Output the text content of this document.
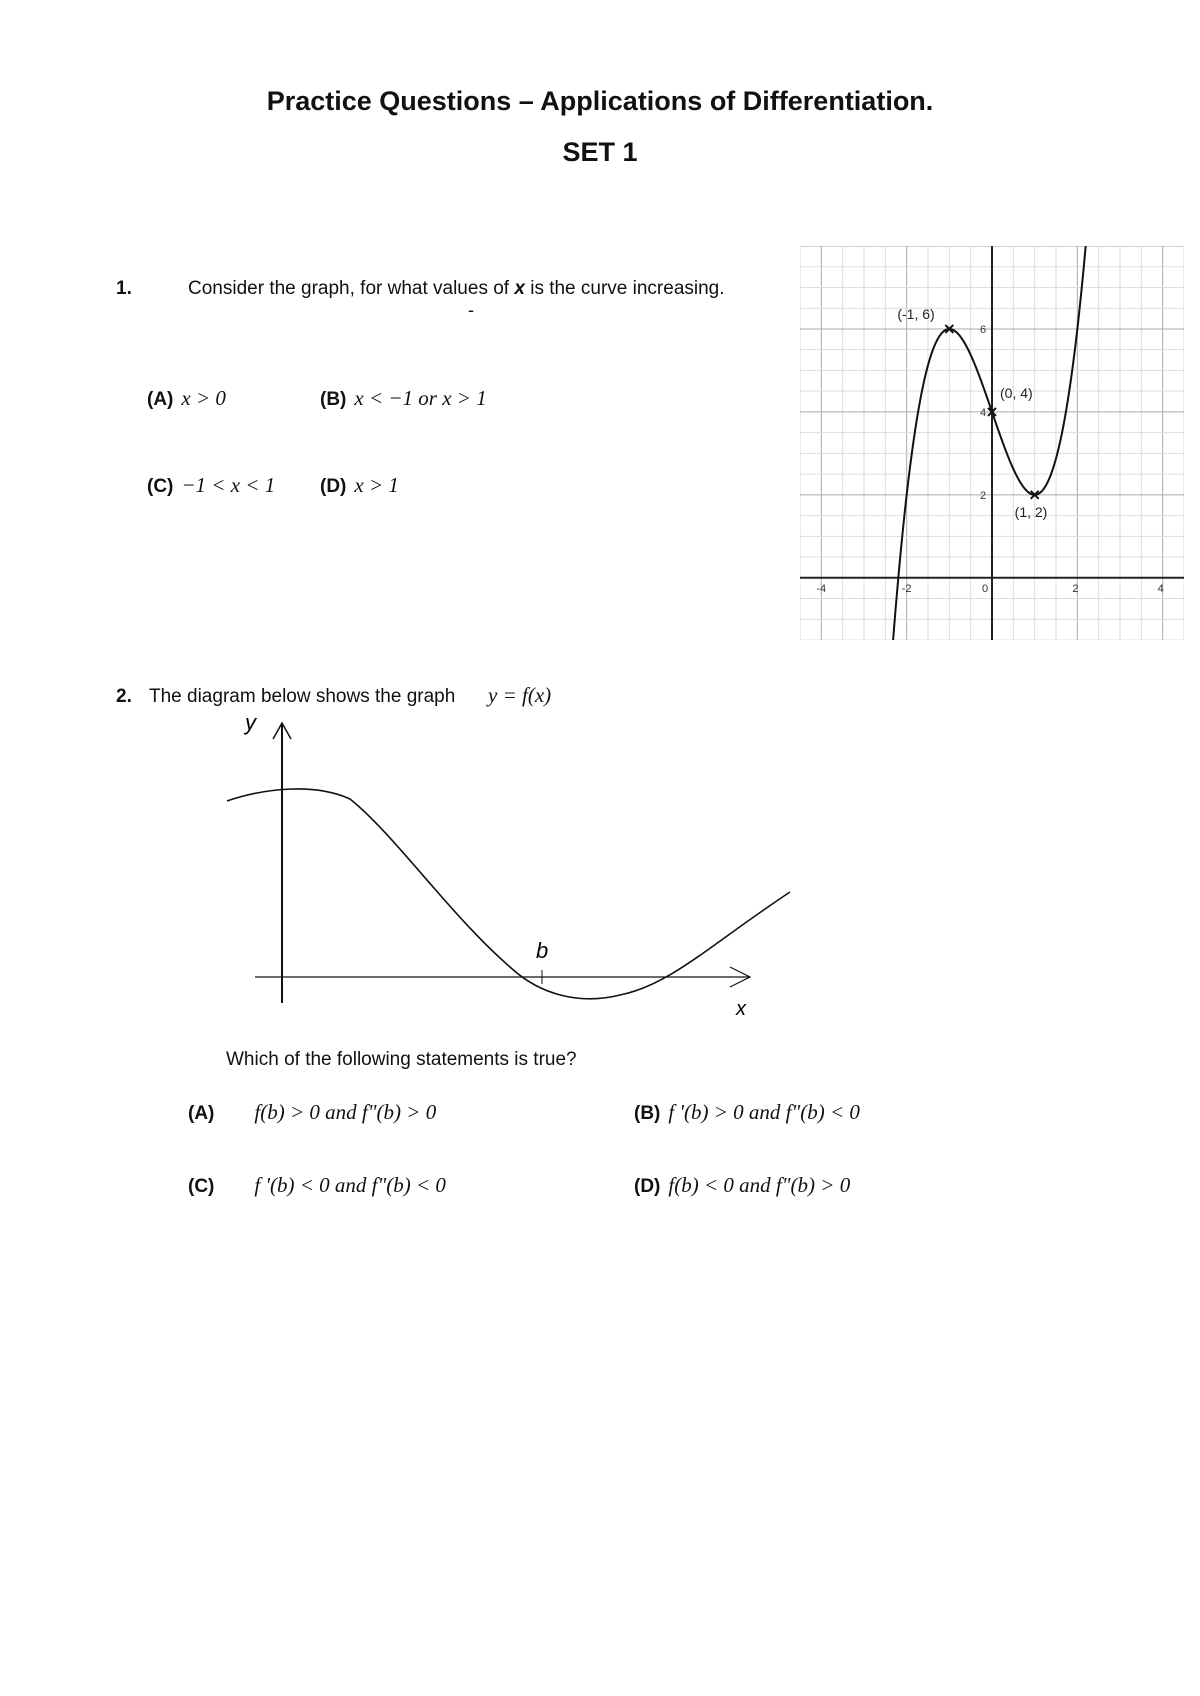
Practice Questions – Applications of Differentiation.
SET 1
1.	Consider the graph, for what values of x is the curve increasing.
-
(A) x > 0	(B) x < −1 or x > 1
(C) −1 < x < 1 (D) x > 1
-4	-2	0	2	4
2
4
6
(-1, 6)
(0, 4)
(1, 2)
2. The diagram below shows the graph y = f(x)
b
y
x
Which of the following statements is true?
(A) f(b) > 0 and f"(b) > 0	(B) f '(b) > 0 and f"(b) < 0
(C) f '(b) < 0 and f"(b) < 0	(D) f(b) < 0 and f"(b) > 0
